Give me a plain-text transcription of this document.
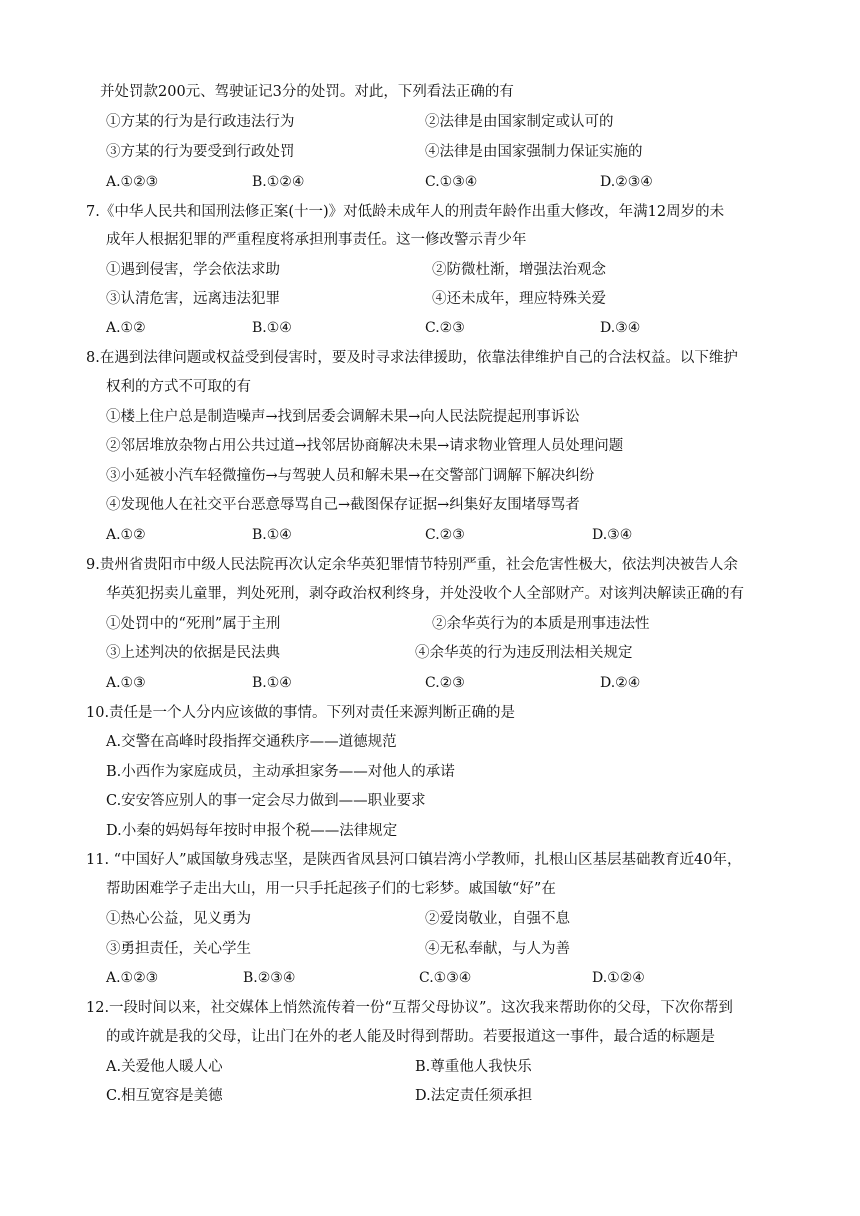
并处罚款200元、驾驶证记3分的处罚。对此，下列看法正确的有
①方某的行为是行政违法行为	②法律是由国家制定或认可的
③方某的行为要受到行政处罚	④法律是由国家强制力保证实施的
A.①②③	B.①②④	C.①③④	D.②③④
7.《中华人民共和国刑法修正案(十一)》对低龄未成年人的刑责年龄作出重大修改，年满12周岁的未
成年人根据犯罪的严重程度将承担刑事责任。这一修改警示青少年
①遇到侵害，学会依法求助	②防微杜渐，增强法治观念
③认清危害，远离违法犯罪	④还未成年，理应特殊关爱
A.①②	B.①④	C.②③	D.③④
8.在遇到法律问题或权益受到侵害时，要及时寻求法律援助，依靠法律维护自己的合法权益。以下维护
权利的方式不可取的有
①楼上住户总是制造噪声→找到居委会调解未果→向人民法院提起刑事诉讼
②邻居堆放杂物占用公共过道→找邻居协商解决未果→请求物业管理人员处理问题
③小延被小汽车轻微撞伤→与驾驶人员和解未果→在交警部门调解下解决纠纷
④发现他人在社交平台恶意辱骂自己→截图保存证据→纠集好友围堵辱骂者
A.①②	B.①④	C.②③	D.③④
9.贵州省贵阳市中级人民法院再次认定余华英犯罪情节特别严重，社会危害性极大，依法判决被告人余
华英犯拐卖儿童罪，判处死刑，剥夺政治权利终身，并处没收个人全部财产。对该判决解读正确的有
①处罚中的“死刑”属于主刑	②余华英行为的本质是刑事违法性
③上述判决的依据是民法典	④余华英的行为违反刑法相关规定
A.①③	B.①④	C.②③	D.②④
10.责任是一个人分内应该做的事情。下列对责任来源判断正确的是
A.交警在高峰时段指挥交通秩序——道德规范
B.小西作为家庭成员，主动承担家务——对他人的承诺
C.安安答应别人的事一定会尽力做到——职业要求
D.小秦的妈妈每年按时申报个税——法律规定
11. “中国好人”戚国敏身残志坚，是陕西省凤县河口镇岩湾小学教师，扎根山区基层基础教育近40年，
帮助困难学子走出大山，用一只手托起孩子们的七彩梦。戚国敏“好”在
①热心公益，见义勇为	②爱岗敬业，自强不息
③勇担责任，关心学生	④无私奉献，与人为善
A.①②③	B.②③④	C.①③④	D.①②④
12.一段时间以来，社交媒体上悄然流传着一份“互帮父母协议”。这次我来帮助你的父母，下次你帮到
的或许就是我的父母，让出门在外的老人能及时得到帮助。若要报道这一事件，最合适的标题是
A.关爱他人暖人心	B.尊重他人我快乐
C.相互宽容是美德	D.法定责任须承担
